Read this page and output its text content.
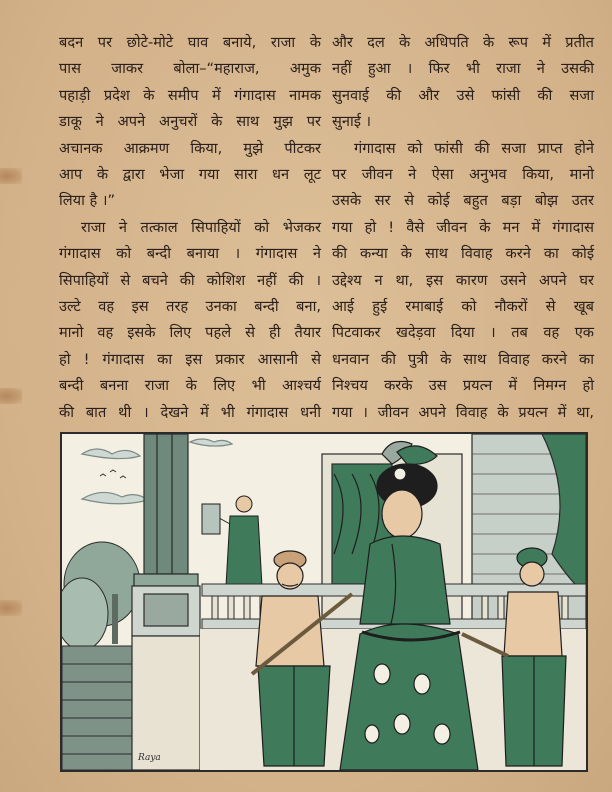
बदन पर छोटे-मोटे घाव बनाये, राजा के
पास जाकर बोला–“महाराज, अमुक
पहाड़ी प्रदेश के समीप में गंगादास नामक
डाकू ने अपने अनुचरों के साथ मुझ पर
अचानक आक्रमण किया, मुझे पीटकर
आप के द्वारा भेजा गया सारा धन लूट
लिया है ।”

राजा ने तत्काल सिपाहियों को भेजकर
गंगादास को बन्दी बनाया । गंगादास ने
सिपाहियों से बचने की कोशिश नहीं की ।
उल्टे वह इस तरह उनका बन्दी बना,
मानो वह इसके लिए पहले से ही तैयार
हो ! गंगादास का इस प्रकार आसानी से
बन्दी बनना राजा के लिए भी आश्चर्य
की बात थी । देखने में भी गंगादास धनी

और दल के अधिपति के रूप में प्रतीत
नहीं हुआ । फिर भी राजा ने उसकी
सुनवाई की और उसे फांसी की सजा
सुनाई ।

गंगादास को फांसी की सजा प्राप्त होने
पर जीवन ने ऐसा अनुभव किया, मानो
उसके सर से कोई बहुत बड़ा बोझ उतर
गया हो ! वैसे जीवन के मन में गंगादास
की कन्या के साथ विवाह करने का कोई
उद्देश्य न था, इस कारण उसने अपने घर
आई हुई रमाबाई को नौकरों से खूब
पिटवाकर खदेड़वा दिया । तब वह एक
धनवान की पुत्री के साथ विवाह करने का
निश्चय करके उस प्रयत्न में निमग्न हो
गया । जीवन अपने विवाह के प्रयत्न में था,

Raya
